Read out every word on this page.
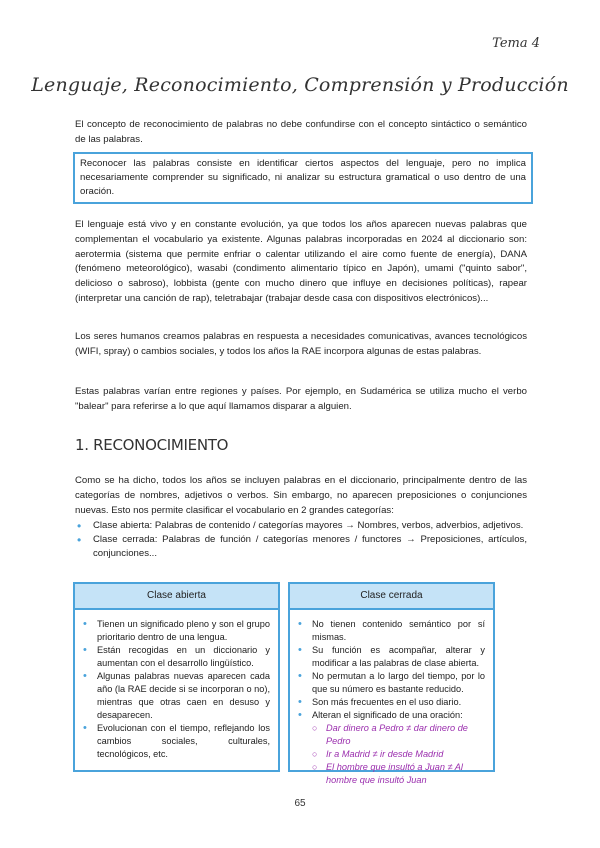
Tema 4
Lenguaje, Reconocimiento, Comprensión y Producción

El concepto de reconocimiento de palabras no debe confundirse con el concepto sintáctico o semántico de las palabras.

Reconocer las palabras consiste en identificar ciertos aspectos del lenguaje, pero no implica necesariamente comprender su significado, ni analizar su estructura gramatical o uso dentro de una oración.

El lenguaje está vivo y en constante evolución, ya que todos los años aparecen nuevas palabras que complementan el vocabulario ya existente. Algunas palabras incorporadas en 2024 al diccionario son: aerotermia (sistema que permite enfriar o calentar utilizando el aire como fuente de energía), DANA (fenómeno meteorológico), wasabi (condimento alimentario típico en Japón), umami ("quinto sabor", delicioso o sabroso), lobbista (gente con mucho dinero que influye en decisiones políticas), rapear (interpretar una canción de rap), teletrabajar (trabajar desde casa con dispositivos electrónicos)...

Los seres humanos creamos palabras en respuesta a necesidades comunicativas, avances tecnológicos (WIFI, spray) o cambios sociales, y todos los años la RAE incorpora algunas de estas palabras.

Estas palabras varían entre regiones y países. Por ejemplo, en Sudamérica se utiliza mucho el verbo "balear" para referirse a lo que aquí llamamos disparar a alguien.

1. RECONOCIMIENTO

Como se ha dicho, todos los años se incluyen palabras en el diccionario, principalmente dentro de las categorías de nombres, adjetivos o verbos. Sin embargo, no aparecen preposiciones o conjunciones nuevas. Esto nos permite clasificar el vocabulario en 2 grandes categorías:

• Clase abierta: Palabras de contenido / categorías mayores → Nombres, verbos, adverbios, adjetivos.
• Clase cerrada: Palabras de función / categorías menores / functores → Preposiciones, artículos, conjunciones...
Clase abierta
• Tienen un significado pleno y son el grupo prioritario dentro de una lengua.
• Están recogidas en un diccionario y aumentan con el desarrollo lingüístico.
• Algunas palabras nuevas aparecen cada año (la RAE decide si se incorporan o no), mientras que otras caen en desuso y desaparecen.
• Evolucionan con el tiempo, reflejando los cambios sociales, culturales, tecnológicos, etc.
Clase cerrada
• No tienen contenido semántico por sí mismas.
• Su función es acompañar, alterar y modificar a las palabras de clase abierta.
• No permutan a lo largo del tiempo, por lo que su número es bastante reducido.
• Son más frecuentes en el uso diario.
• Alteran el significado de una oración:
○ Dar dinero a Pedro ≠ dar dinero de Pedro
○ Ir a Madrid ≠ ir desde Madrid
○ El hombre que insultó a Juan ≠ Al hombre que insultó Juan
65
